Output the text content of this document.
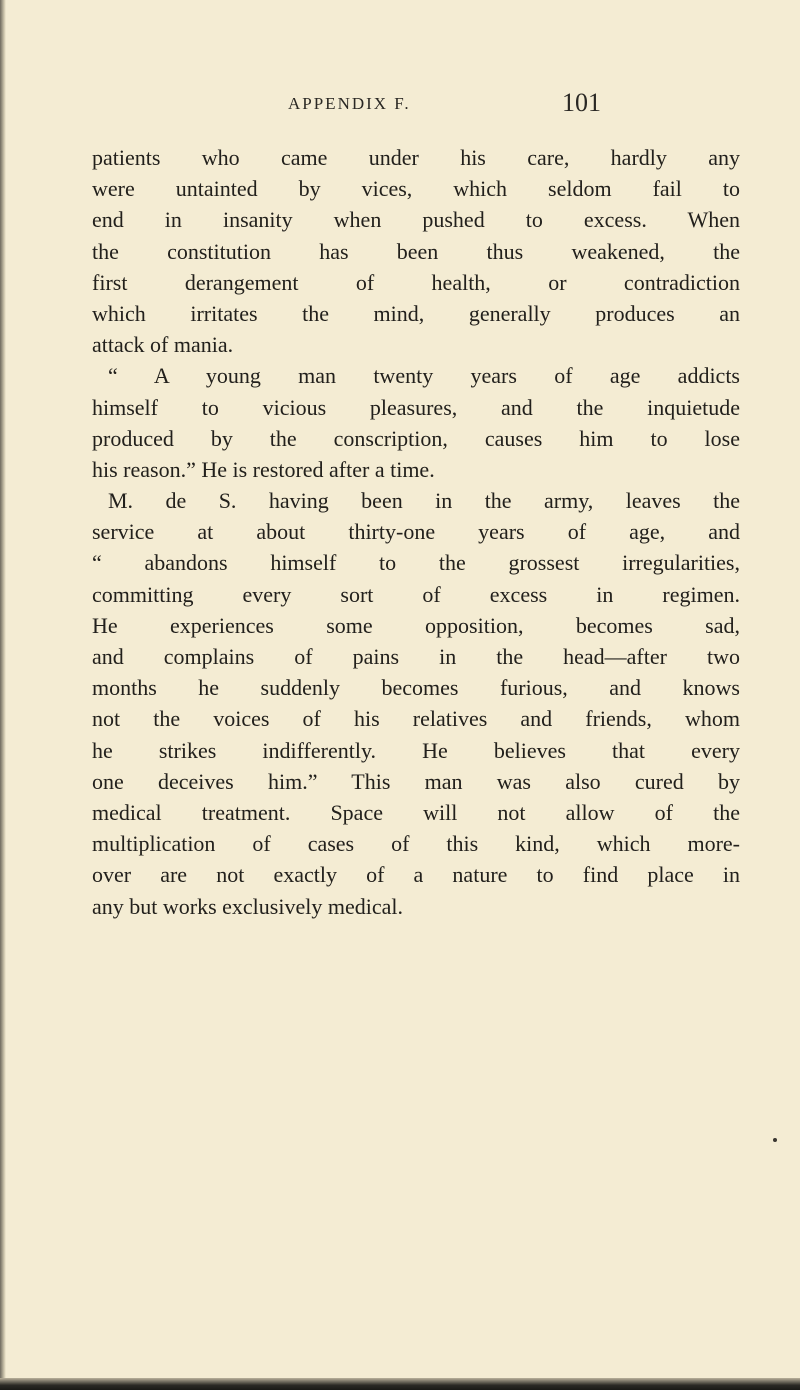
APPENDIX F.	101
patients who came under his care, hardly any
were untainted by vices, which seldom fail to
end in insanity when pushed to excess. When
the constitution has been thus weakened, the
first derangement of health, or contradiction
which irritates the mind, generally produces an
attack of mania.
“ A young man twenty years of age addicts
himself to vicious pleasures, and the inquietude
produced by the conscription, causes him to lose
his reason.” He is restored after a time.
M. de S. having been in the army, leaves the
service at about thirty-one years of age, and
“ abandons himself to the grossest irregularities,
committing every sort of excess in regimen.
He experiences some opposition, becomes sad,
and complains of pains in the head—after two
months he suddenly becomes furious, and knows
not the voices of his relatives and friends, whom
he strikes indifferently. He believes that every
one deceives him.” This man was also cured by
medical treatment. Space will not allow of the
multiplication of cases of this kind, which more-
over are not exactly of a nature to find place in
any but works exclusively medical.
